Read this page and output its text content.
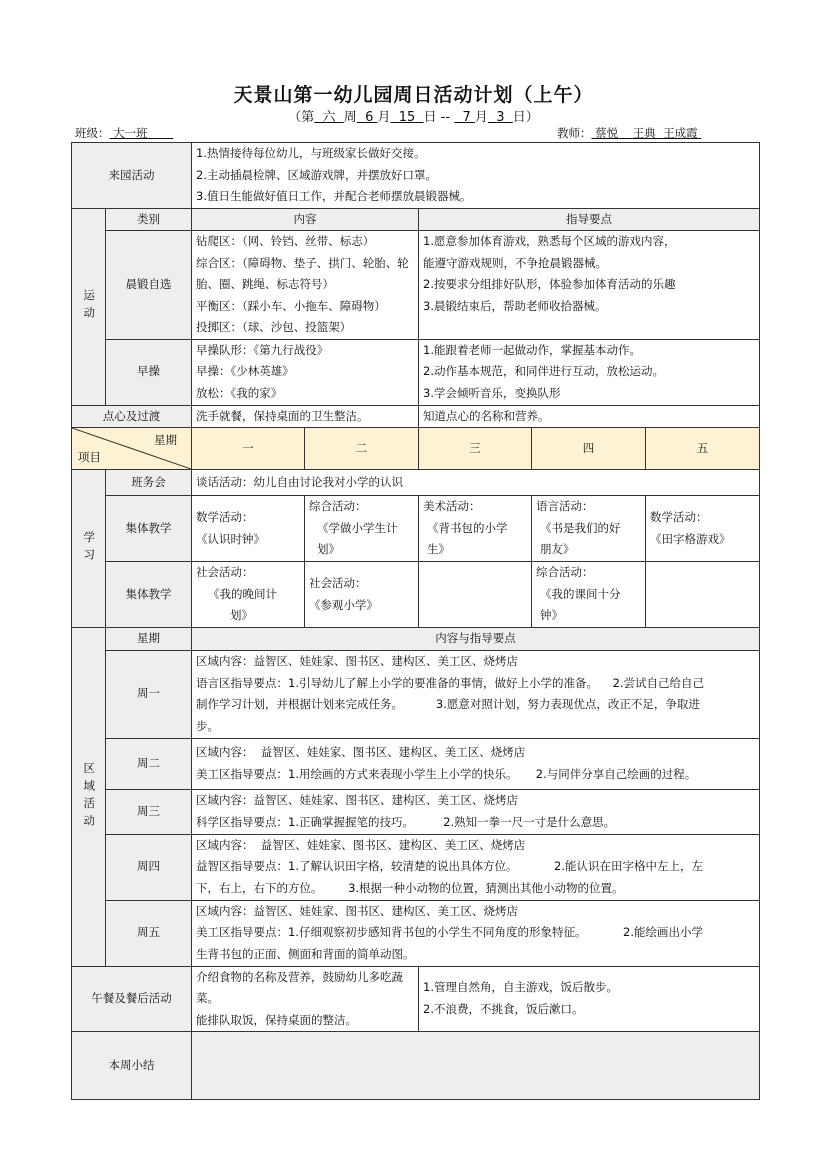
天景山第一幼儿园周日活动计划（上午）
（第 六 周 6 月 15 日 --   7 月 3 日）
班级： 大一班	教师： 蔡悦    王典  王成霞
来园活动		1.热情接待每位幼儿，与班级家长做好交接。
2.主动插晨检牌、区域游戏牌，并摆放好口罩。
3.值日生能做好值日工作，并配合老师摆放晨锻器械。				

运动	类别	内容		指导要点		
	晨锻自选	钻爬区：（网、铃铛、丝带、标志）
综合区：（障碍物、垫子、拱门、轮胎、轮
胎、圈、跳绳、标志符号）
平衡区：（踩小车、小拖车、障碍物）
投掷区：（球、沙包、投篮架）		1.愿意参加体育游戏，熟悉每个区域的游戏内容，
能遵守游戏规则，不争抢晨锻器械。
2.按要求分组排好队形，体验参加体育活动的乐趣
3.晨锻结束后，帮助老师收拾器械。		

	早操	早操队形：《第九行战役》
早操：《少林英雄》
放松：《我的家》		1.能跟着老师一起做动作，掌握基本动作。
2.动作基本规范，和同伴进行互动，放松运动。
3.学会倾听音乐，变换队形		

点心及过渡		洗手就餐，保持桌面的卫生整洁。		知道点心的名称和营养。		

星期
项目		一	二	三	四	五

学习	班务会	谈话活动：幼儿自由讨论我对小学的认识				
	集体教学	数学活动：
《认识时钟》	综合活动：
《学做小学生计
划》	美术活动：
《背书包的小学
生》	语言活动：
《书是我们的好
朋友》	数学活动：
《田字格游戏》

	集体教学	社会活动：
《我的晚间计
划》	社会活动：
《参观小学》		综合活动：
《我的课间十分
钟》	

区域活动	星期	内容与指导要点				
	周一	区域内容：益智区、娃娃家、图书区、建构区、美工区、烧烤店
语言区指导要点：1.引导幼儿了解上小学的要准备的事情，做好上小学的准备。    2.尝试自己给自己
制作学习计划，并根据计划来完成任务。         3.愿意对照计划，努力表现优点，改正不足，争取进
步。				

	周二	区域内容：  益智区、娃娃家、图书区、建构区、美工区、烧烤店
美工区指导要点：1.用绘画的方式来表现小学生上小学的快乐。     2.与同伴分享自己绘画的过程。				

	周三	区域内容：益智区、娃娃家、图书区、建构区、美工区、烧烤店
科学区指导要点：1.正确掌握握笔的技巧。        2.熟知一拳一尺一寸是什么意思。				

	周四	区域内容：  益智区、娃娃家、图书区、建构区、美工区、烧烤店
益智区指导要点：1.了解认识田字格，较清楚的说出具体方位。          2.能认识在田字格中左上，左
下，右上，右下的方位。       3.根据一种小动物的位置，猜测出其他小动物的位置。				

	周五	区域内容：益智区、娃娃家、图书区、建构区、美工区、烧烤店
美工区指导要点：1.仔细观察初步感知背书包的小学生不同角度的形象特征。          2.能绘画出小学
生背书包的正面、侧面和背面的简单动图。				

午餐及餐后活动		介绍食物的名称及营养，鼓励幼儿多吃蔬菜。
能排队取饭，保持桌面的整洁。		1.管理自然角，自主游戏，饭后散步。
2.不浪费，不挑食，饭后漱口。		

本周小结						
